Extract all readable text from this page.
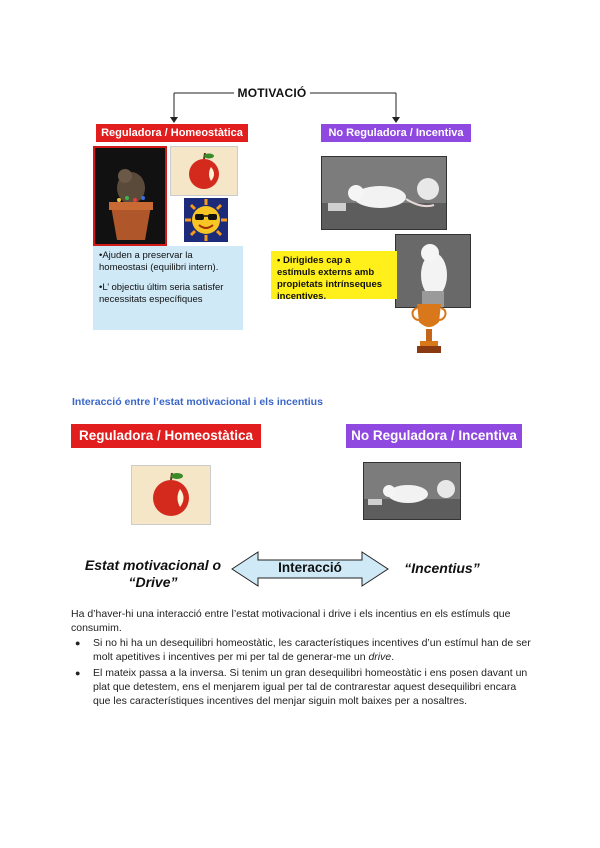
MOTIVACIÓ
Reguladora / Homeostàtica	No Reguladora / Incentiva
•Ajuden a preservar la homeostasi (equilibri intern).
•L’ objectiu últim seria satisfer necessitats específiques
• Dirigides cap a estímuls externs amb propietats intrínseques incentives.
Interacció entre l’estat motivacional i els incentius
Reguladora / Homeostàtica	No Reguladora / Incentiva
Estat motivacional o
“Drive”
Interacció	“Incentius”
Ha d’haver-hi una interacció entre l’estat motivacional i drive i els incentius en els estímuls que consumim.
● Si no hi ha un desequilibri homeostàtic, les característiques incentives d’un estímul han de ser molt apetitives i incentives per mi per tal de generar-me un drive.
● El mateix passa a la inversa. Si tenim un gran desequilibri homeostàtic i ens posen davant un plat que detestem, ens el menjarem igual per tal de contrarestar aquest desequilibri encara que les característiques incentives del menjar siguin molt baixes per a nosaltres.
